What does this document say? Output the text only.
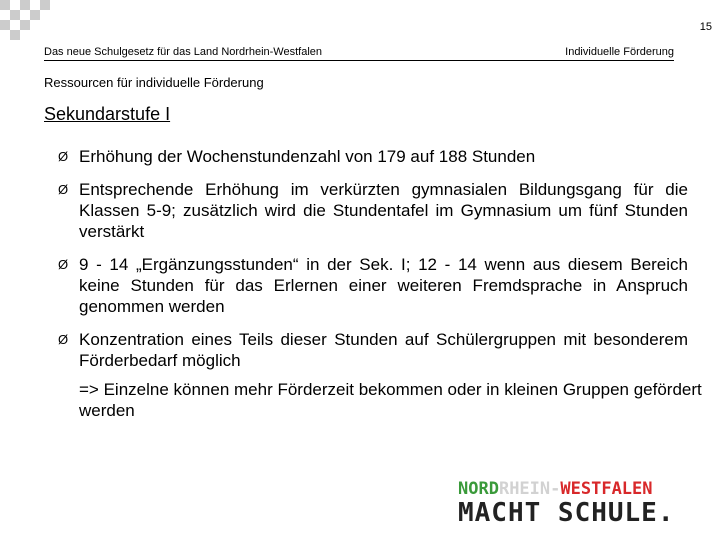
15
Das neue Schulgesetz für das Land Nordrhein-Westfalen	Individuelle Förderung
Ressourcen für individuelle Förderung
Sekundarstufe I
Ø Erhöhung der Wochenstundenzahl von 179 auf 188 Stunden
Ø Entsprechende Erhöhung im verkürzten gymnasialen Bildungsgang für die Klassen 5-9; zusätzlich wird die Stundentafel im Gymnasium um fünf Stunden verstärkt
Ø 9 - 14 „Ergänzungsstunden“ in der Sek. I; 12 - 14 wenn aus diesem Bereich keine Stunden für das Erlernen einer weiteren Fremdsprache in Anspruch genommen werden
Ø Konzentration eines Teils dieser Stunden auf Schülergruppen mit besonderem Förderbedarf möglich
=> Einzelne können mehr Förderzeit bekommen oder in kleinen Gruppen gefördert werden
NORDRHEIN-WESTFALEN
MACHT SCHULE.
